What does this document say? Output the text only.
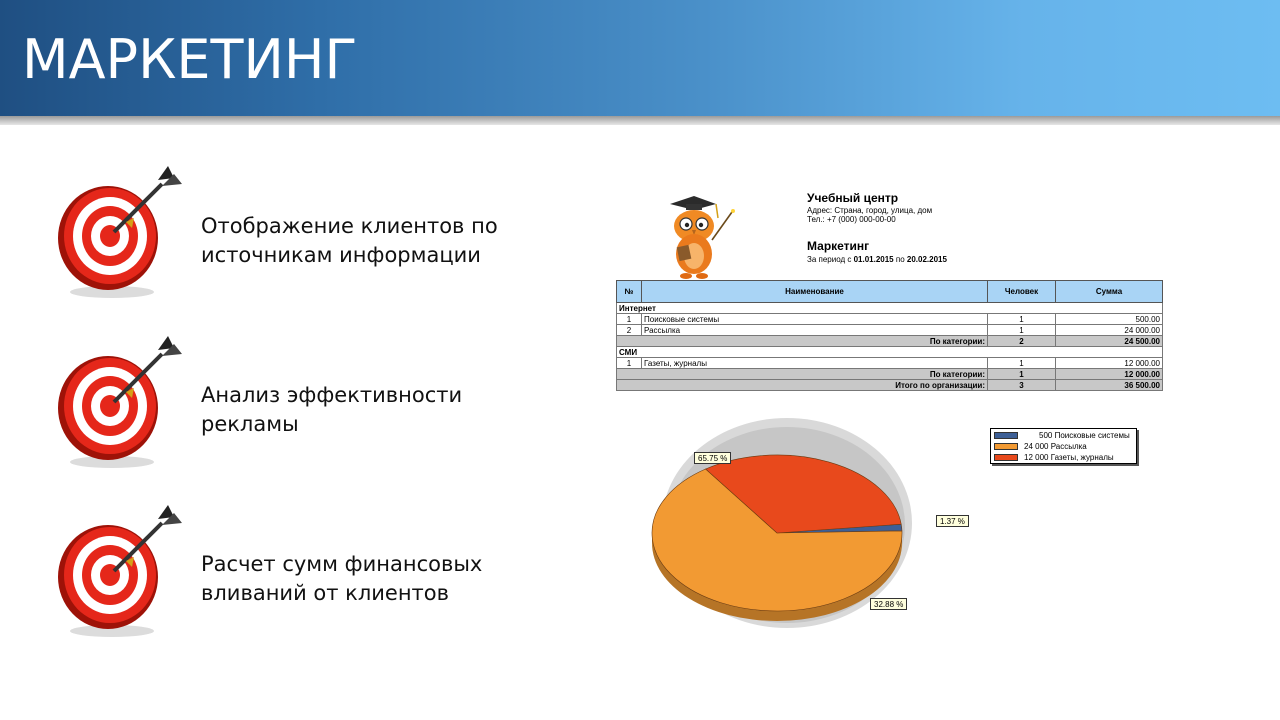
МАРКЕТИНГ
Отображение клиентов по
источникам информации
Анализ эффективности
рекламы
Расчет сумм финансовых
вливаний от клиентов
Учебный центр
Адрес: Страна, город, улица, дом
Тел.: +7 (000) 000-00-00
Маркетинг
За период с 01.01.2015 по 20.02.2015
№	Наименование	Человек	Сумма
Интернет			
1	Поисковые системы	1	500.00
2	Рассылка	1	24 000.00
По категории:		2	24 500.00
СМИ			
1	Газеты, журналы	1	12 000.00
По категории:		1	12 000.00
Итого по организации:		3	36 500.00
500 Поисковые системы
24 000 Рассылка
12 000 Газеты, журналы
65.75 %
1.37 %
32.88 %
